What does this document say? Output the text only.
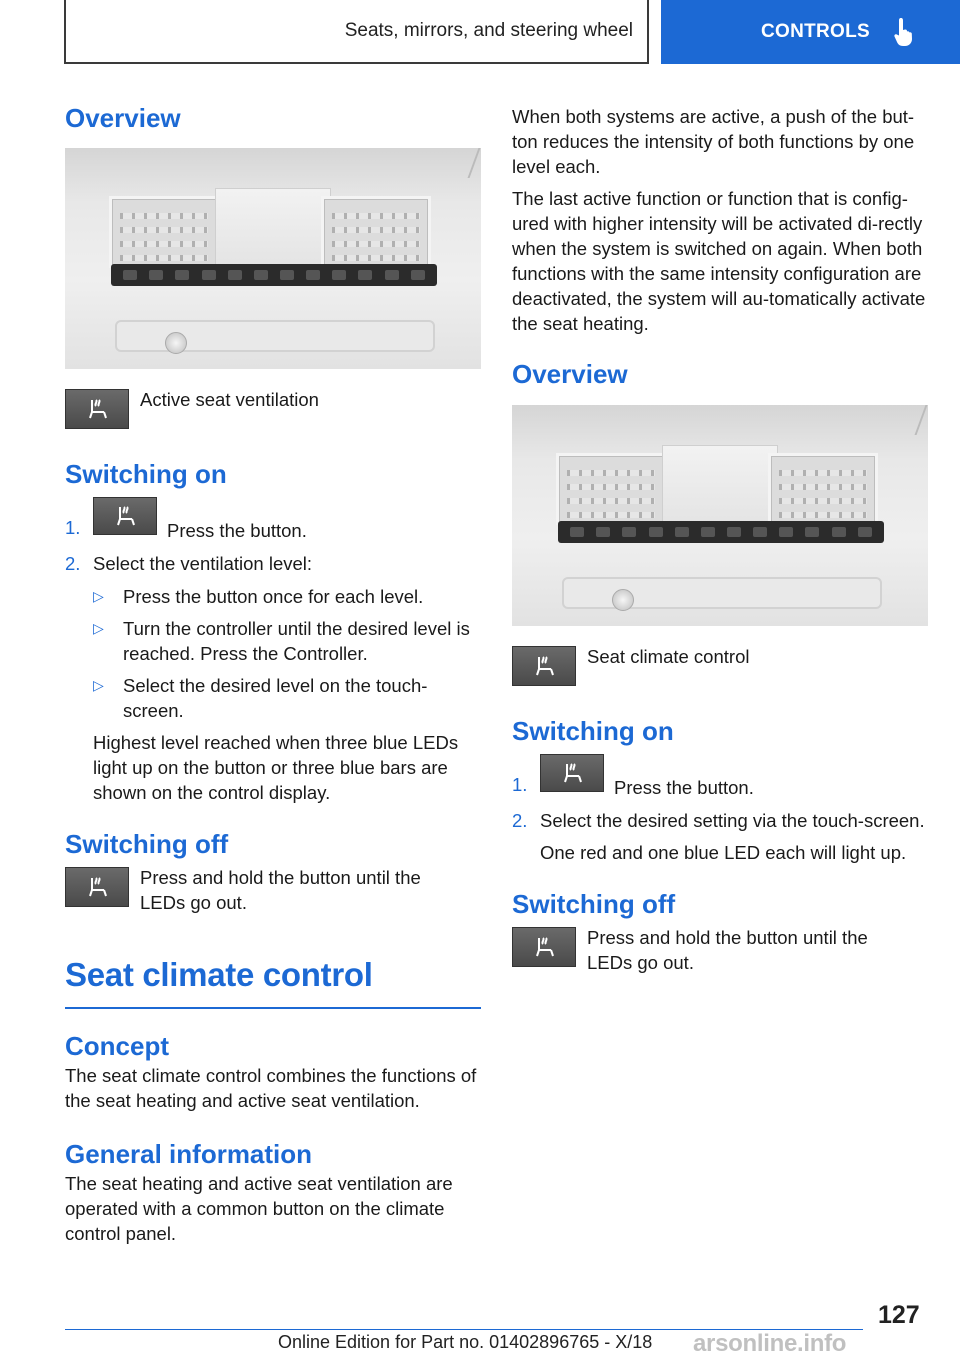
Seats, mirrors, and steering wheel	CONTROLS
Overview

Active seat ventilation

Switching on
1.	Press the button.
2. Select the ventilation level:
▷ Press the button once for each level.
▷ Turn the controller until the desired level is reached. Press the Controller.
▷ Select the desired level on the touch-screen.

Highest level reached when three blue LEDs light up on the button or three blue bars are shown on the control display.

Switching off

Press and hold the button until the LEDs go out.

Seat climate control
Concept

The seat climate control combines the functions of the seat heating and active seat ventilation.

General information

The seat heating and active seat ventilation are operated with a common button on the climate control panel.

When both systems are active, a push of the but-ton reduces the intensity of both functions by one level each.

The last active function or function that is config-ured with higher intensity will be activated di-rectly when the system is switched on again. When both functions with the same intensity configuration are deactivated, the system will au-tomatically activate the seat heating.

Overview

Seat climate control

Switching on
1.	Press the button.
2. Select the desired setting via the touch-screen.

One red and one blue LED each will light up.

Switching off

Press and hold the button until the LEDs go out.

127
Online Edition for Part no. 01402896765 - X/18 arsonline.info
